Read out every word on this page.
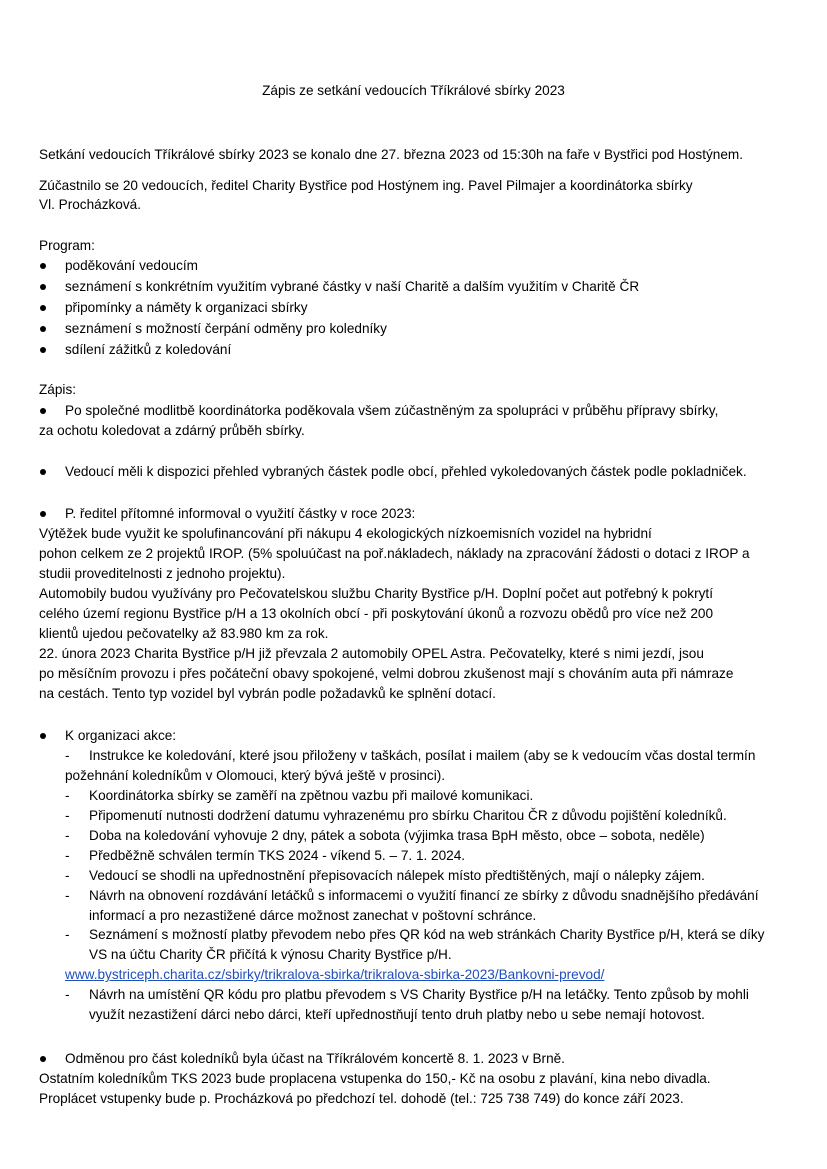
Zápis ze setkání vedoucích Tříkrálové sbírky 2023
Setkání vedoucích Tříkrálové sbírky 2023 se konalo dne 27. března 2023 od 15:30h na faře v Bystřici pod Hostýnem.
Zúčastnilo se 20 vedoucích, ředitel Charity Bystřice pod Hostýnem ing. Pavel Pilmajer a koordinátorka sbírky
Vl. Procházková.
Program:
poděkování vedoucím
seznámení s konkrétním využitím vybrané částky v naší Charitě a dalším využitím v Charitě ČR
připomínky a náměty k organizaci sbírky
seznámení s možností čerpání odměny pro koledníky
sdílení zážitků z koledování
Zápis:
Po společné modlitbě koordinátorka poděkovala všem zúčastněným za spolupráci v průběhu přípravy sbírky,
za ochotu koledovat a zdárný průběh sbírky.
Vedoucí měli k dispozici přehled vybraných částek podle obcí, přehled vykoledovaných částek podle pokladniček.
P. ředitel přítomné informoval o využití částky v roce 2023:
Výtěžek bude využit ke spolufinancování při nákupu 4 ekologických nízkoemisních vozidel na hybridní
pohon celkem ze 2 projektů IROP. (5% spoluúčast na poř.nákladech, náklady na zpracování žádosti o dotaci z IROP a
studii proveditelnosti z jednoho projektu).
Automobily budou využívány pro Pečovatelskou službu Charity Bystřice p/H. Doplní počet aut potřebný k pokrytí
celého území regionu Bystřice p/H a 13 okolních obcí - při poskytování úkonů a rozvozu obědů pro více než 200
klientů ujedou pečovatelky až 83.980 km za rok.
22. února 2023 Charita Bystřice p/H již převzala 2 automobily OPEL Astra. Pečovatelky, které s nimi jezdí, jsou
po měsíčním provozu i přes počáteční obavy spokojené, velmi dobrou zkušenost mají s chováním auta při námraze
na cestách. Tento typ vozidel byl vybrán podle požadavků ke splnění dotací.
K organizaci akce:
- Instrukce ke koledování, které jsou přiloženy v taškách, posílat i mailem (aby se k vedoucím včas dostal termín
požehnání koledníkům v Olomouci, který bývá ještě v prosinci).
- Koordinátorka sbírky se zaměří na zpětnou vazbu při mailové komunikaci.
- Připomenutí nutnosti dodržení datumu vyhrazenému pro sbírku Charitou ČR z důvodu pojištění koledníků.
- Doba na koledování vyhovuje 2 dny, pátek a sobota (výjimka trasa BpH město, obce – sobota, neděle)
- Předběžně schválen termín TKS 2024 - víkend 5. – 7. 1. 2024.
- Vedoucí se shodli na upřednostnění přepisovacích nálepek místo předtištěných, mají o nálepky zájem.
- Návrh na obnovení rozdávání letáčků s informacemi o využití financí ze sbírky z důvodu snadnějšího předávání
informací a pro nezastižené dárce možnost zanechat v poštovní schránce.
- Seznámení s možností platby převodem nebo přes QR kód na web stránkách Charity Bystřice p/H, která se díky
VS na účtu Charity ČR přičítá k výnosu Charity Bystřice p/H.
www.bystriceph.charita.cz/sbirky/trikralova-sbirka/trikralova-sbirka-2023/Bankovni-prevod/
- Návrh na umístění QR kódu pro platbu převodem s VS Charity Bystřice p/H na letáčky. Tento způsob by mohli
využít nezastižení dárci nebo dárci, kteří upřednostňují tento druh platby nebo u sebe nemají hotovost.
Odměnou pro část koledníků byla účast na Tříkrálovém koncertě 8. 1. 2023 v Brně.
Ostatním koledníkům TKS 2023 bude proplacena vstupenka do 150,- Kč na osobu z plavání, kina nebo divadla.
Proplácet vstupenky bude p. Procházková po předchozí tel. dohodě (tel.: 725 738 749) do konce září 2023.
